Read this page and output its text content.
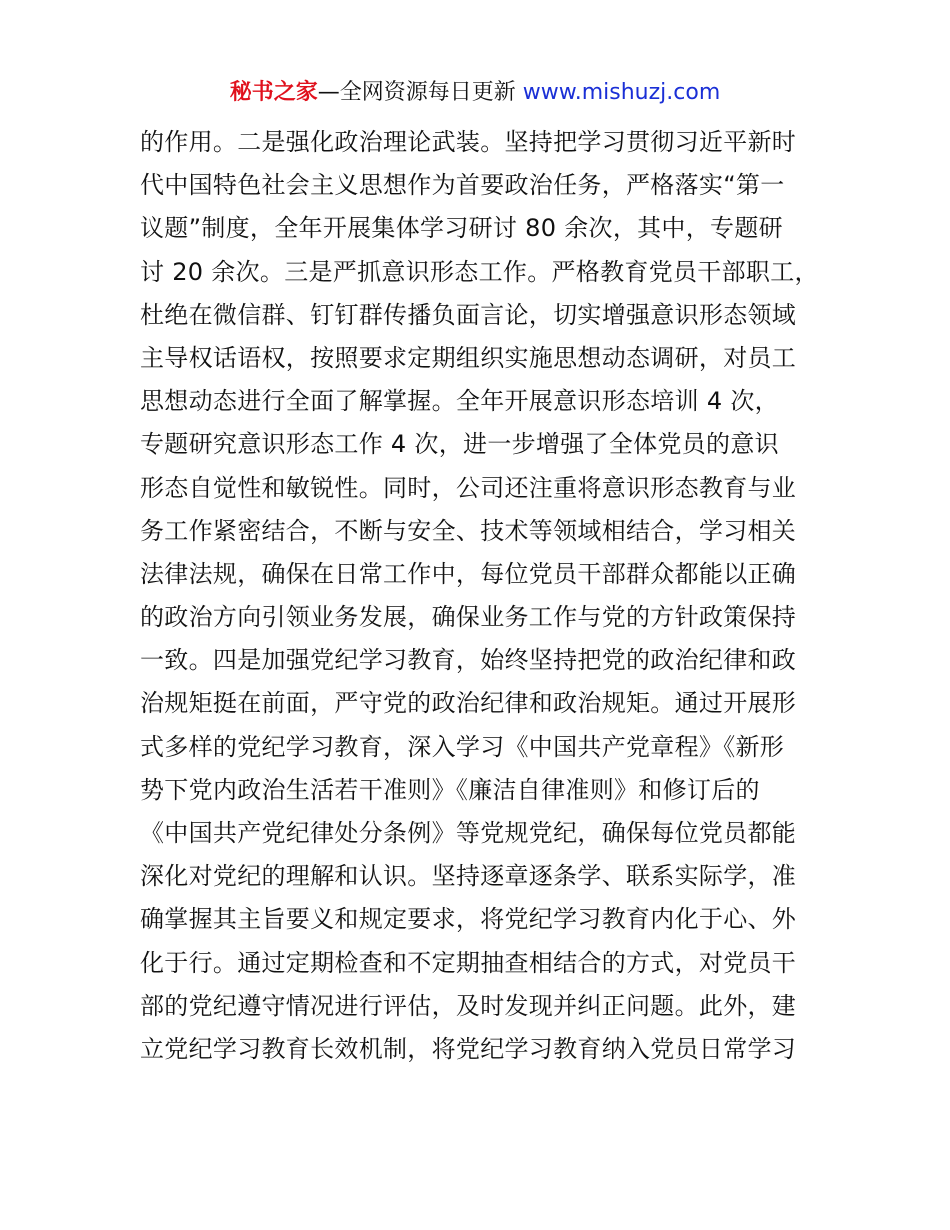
秘书之家—全网资源每日更新 www.mishuzj.com
的作用。二是强化政治理论武装。坚持把学习贯彻习近平新时
代中国特色社会主义思想作为首要政治任务，严格落实“第一
议题”制度，全年开展集体学习研讨 80 余次，其中，专题研
讨 20 余次。三是严抓意识形态工作。严格教育党员干部职工，
杜绝在微信群、钉钉群传播负面言论，切实增强意识形态领域
主导权话语权，按照要求定期组织实施思想动态调研，对员工
思想动态进行全面了解掌握。全年开展意识形态培训 4 次，
专题研究意识形态工作 4 次，进一步增强了全体党员的意识
形态自觉性和敏锐性。同时，公司还注重将意识形态教育与业
务工作紧密结合，不断与安全、技术等领域相结合，学习相关
法律法规，确保在日常工作中，每位党员干部群众都能以正确
的政治方向引领业务发展，确保业务工作与党的方针政策保持
一致。四是加强党纪学习教育，始终坚持把党的政治纪律和政
治规矩挺在前面，严守党的政治纪律和政治规矩。通过开展形
式多样的党纪学习教育，深入学习《中国共产党章程》《新形
势下党内政治生活若干准则》《廉洁自律准则》和修订后的
《中国共产党纪律处分条例》等党规党纪，确保每位党员都能
深化对党纪的理解和认识。坚持逐章逐条学、联系实际学，准
确掌握其主旨要义和规定要求，将党纪学习教育内化于心、外
化于行。通过定期检查和不定期抽查相结合的方式，对党员干
部的党纪遵守情况进行评估，及时发现并纠正问题。此外，建
立党纪学习教育长效机制，将党纪学习教育纳入党员日常学习
